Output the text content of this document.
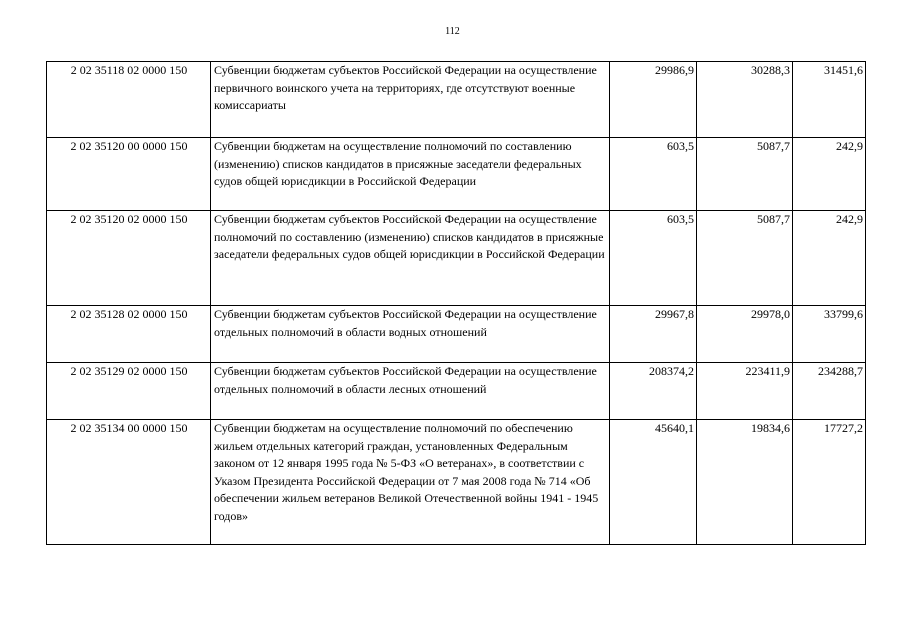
112
2 02 35118 02 0000 150	Субвенции бюджетам субъектов Российской Федерации на осуществление первичного воинского учета на территориях, где отсутствуют военные комиссариаты	29986,9	30288,3	31451,6
2 02 35120 00 0000 150	Субвенции бюджетам на осуществление полномочий по составлению (изменению) списков кандидатов в присяжные заседатели федеральных судов общей юрисдикции в Российской Федерации	603,5	5087,7	242,9
2 02 35120 02 0000 150	Субвенции бюджетам субъектов Российской Федерации на осуществление полномочий по составлению (изменению) списков кандидатов в присяжные заседатели федеральных судов общей юрисдикции в Российской Федерации	603,5	5087,7	242,9
2 02 35128 02 0000 150	Субвенции бюджетам субъектов Российской Федерации на осуществление отдельных полномочий в области водных отношений	29967,8	29978,0	33799,6
2 02 35129 02 0000 150	Субвенции бюджетам субъектов Российской Федерации на осуществление отдельных полномочий в области лесных отношений	208374,2	223411,9	234288,7
2 02 35134 00 0000 150	Субвенции бюджетам на осуществление полномочий по обеспечению жильем отдельных категорий граждан, установленных Федеральным законом от 12 января 1995 года № 5-ФЗ «О ветеранах», в соответствии с Указом Президента Российской Федерации от 7 мая 2008 года № 714 «Об обеспечении жильем ветеранов Великой Отечественной войны 1941 - 1945 годов»	45640,1	19834,6	17727,2
